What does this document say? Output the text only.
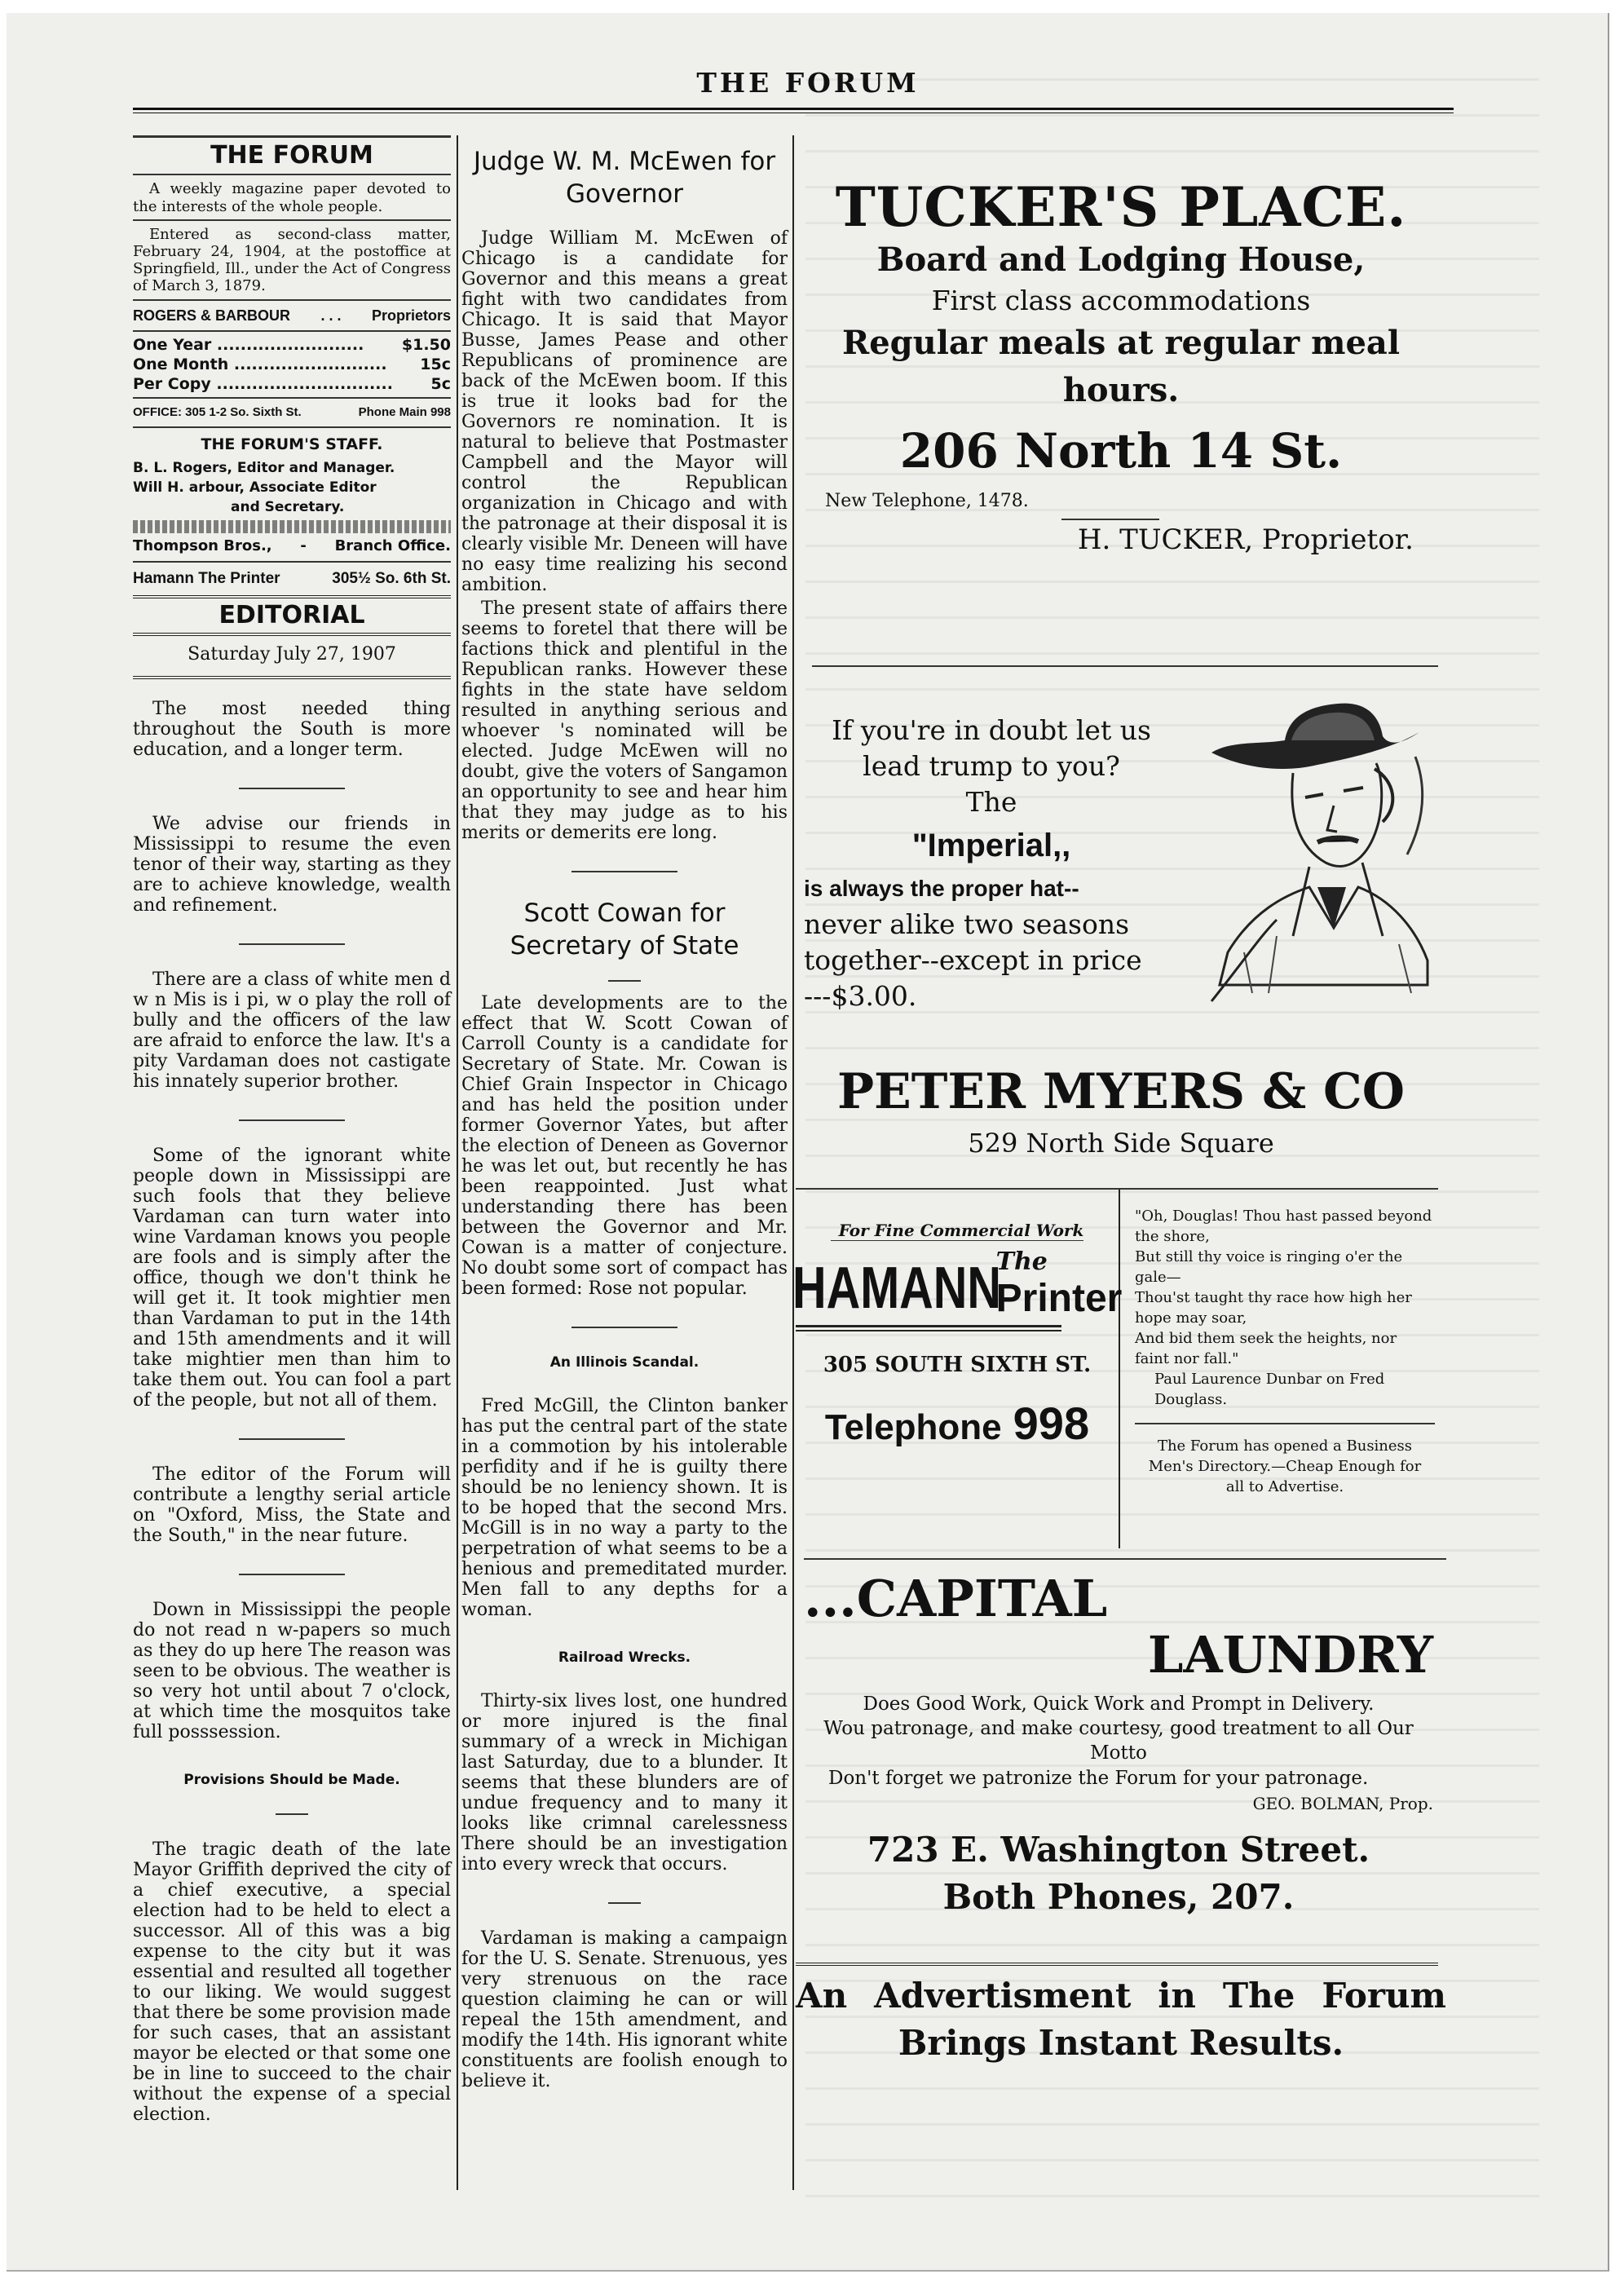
THE FORUM
THE FORUM
A weekly magazine paper devoted to the interests of the whole people.
Entered as second-class matter, February 24, 1904, at the postoffice at Springfield, Ill., under the Act of Congress of March 3, 1879.
ROGERS & BARBOUR . . . Proprietors
One Year ......................... $1.50
One Month .......................... 15c
Per Copy .............................. 5c
OFFICE: 305 1-2 So. Sixth St.	Phone Main 998
THE FORUM'S STAFF.
B. L. Rogers, Editor and Manager.
Will H. arbour, Associate Editor
and Secretary.
Thompson Bros., - Branch Office.
Hamann The Printer	305½ So. 6th St.
EDITORIAL
Saturday July 27, 1907

The most needed thing throughout the South is more education, and a longer term.

We advise our friends in Mississippi to resume the even tenor of their way, starting as they are to achieve knowledge, wealth and refinement.

There are a class of white men d w n Mis is i pi, w o play the roll of bully and the officers of the law are afraid to enforce the law. It's a pity Vardaman does not castigate his innately superior brother.

Some of the ignorant white people down in Mississippi are such fools that they believe Vardaman can turn water into wine Vardaman knows you people are fools and is simply after the office, though we don't think he will get it. It took mightier men than Vardaman to put in the 14th and 15th amendments and it will take mightier men than him to take them out. You can fool a part of the people, but not all of them.

The editor of the Forum will contribute a lengthy serial article on "Oxford, Miss, the State and the South," in the near future.

Down in Mississippi the people do not read n w-papers so much as they do up here The reason was seen to be obvious. The weather is so very hot until about 7 o'clock, at which time the mosquitos take full posssession.

Provisions Should be Made.

The tragic death of the late Mayor Griffith deprived the city of a chief executive, a special election had to be held to elect a successor. All of this was a big expense to the city but it was essential and resulted all together to our liking. We would suggest that there be some provision made for such cases, that an assistant mayor be elected or that some one be in line to succeed to the chair without the expense of a special election.

Judge W. M. McEwen for Governor

Judge William M. McEwen of Chicago is a candidate for Governor and this means a great fight with two candidates from Chicago. It is said that Mayor Busse, James Pease and other Republicans of prominence are back of the McEwen boom. If this is true it looks bad for the Governors re nomination. It is natural to believe that Postmaster Campbell and the Mayor will control the Republican organization in Chicago and with the patronage at their disposal it is clearly visible Mr. Deneen will have no easy time realizing his second ambition.

The present state of affairs there seems to foretel that there will be factions thick and plentiful in the Republican ranks. However these fights in the state have seldom resulted in anything serious and whoever 's nominated will be elected. Judge McEwen will no doubt, give the voters of Sangamon an opportunity to see and hear him that they may judge as to his merits or demerits ere long.

Scott Cowan for Secretary of State

Late developments are to the effect that W. Scott Cowan of Carroll County is a candidate for Secretary of State. Mr. Cowan is Chief Grain Inspector in Chicago and has held the position under former Governor Yates, but after the election of Deneen as Governor he was let out, but recently he has been reappointed. Just what understanding there has been between the Governor and Mr. Cowan is a matter of conjecture. No doubt some sort of compact has been formed: Rose not popular.

An Illinois Scandal.

Fred McGill, the Clinton banker has put the central part of the state in a commotion by his intolerable perfidity and if he is guilty there should be no leniency shown. It is to be hoped that the second Mrs. McGill is in no way a party to the perpetration of what seems to be a henious and premeditated murder. Men fall to any depths for a woman.

Railroad Wrecks.

Thirty-six lives lost, one hundred or more injured is the final summary of a wreck in Michigan last Saturday, due to a blunder. It seems that these blunders are of undue frequency and to many it looks like crimnal carelessness There should be an investigation into every wreck that occurs.

Vardaman is making a campaign for the U. S. Senate. Strenuous, yes very strenuous on the race question claiming he can or will repeal the 15th amendment, and modify the 14th. His ignorant white constituents are foolish enough to believe it.

TUCKER'S PLACE.
Board and Lodging House,
First class accommodations
Regular meals at regular meal hours.
206 North 14 St.
New Telephone, 1478.
H. TUCKER, Proprietor.
If you're in doubt let us lead trump to you?
The
"Imperial,,
is always the proper hat--
never alike two seasons together--except in price
---$3.00.
PETER MYERS & CO
529 North Side Square
For Fine Commercial Work
HAMANN
The
Printer
305 SOUTH SIXTH ST.
Telephone 998
"Oh, Douglas! Thou hast passed beyond the shore,
But still thy voice is ringing o'er the gale—
Thou'st taught thy race how high her hope may soar,
And bid them seek the heights, nor faint nor fall."
Paul Laurence Dunbar on Fred Douglass.
The Forum has opened a Business Men's Directory.—Cheap Enough for all to Advertise.
...CAPITAL
LAUNDRY
Does Good Work, Quick Work and Prompt in Delivery.
Wou patronage, and make courtesy, good treatment to all Our Motto
Don't forget we patronize the Forum for your patronage.
GEO. BOLMAN, Prop.
723 E. Washington Street.
Both Phones, 207.
An Advertisment in The Forum
Brings Instant Results.
